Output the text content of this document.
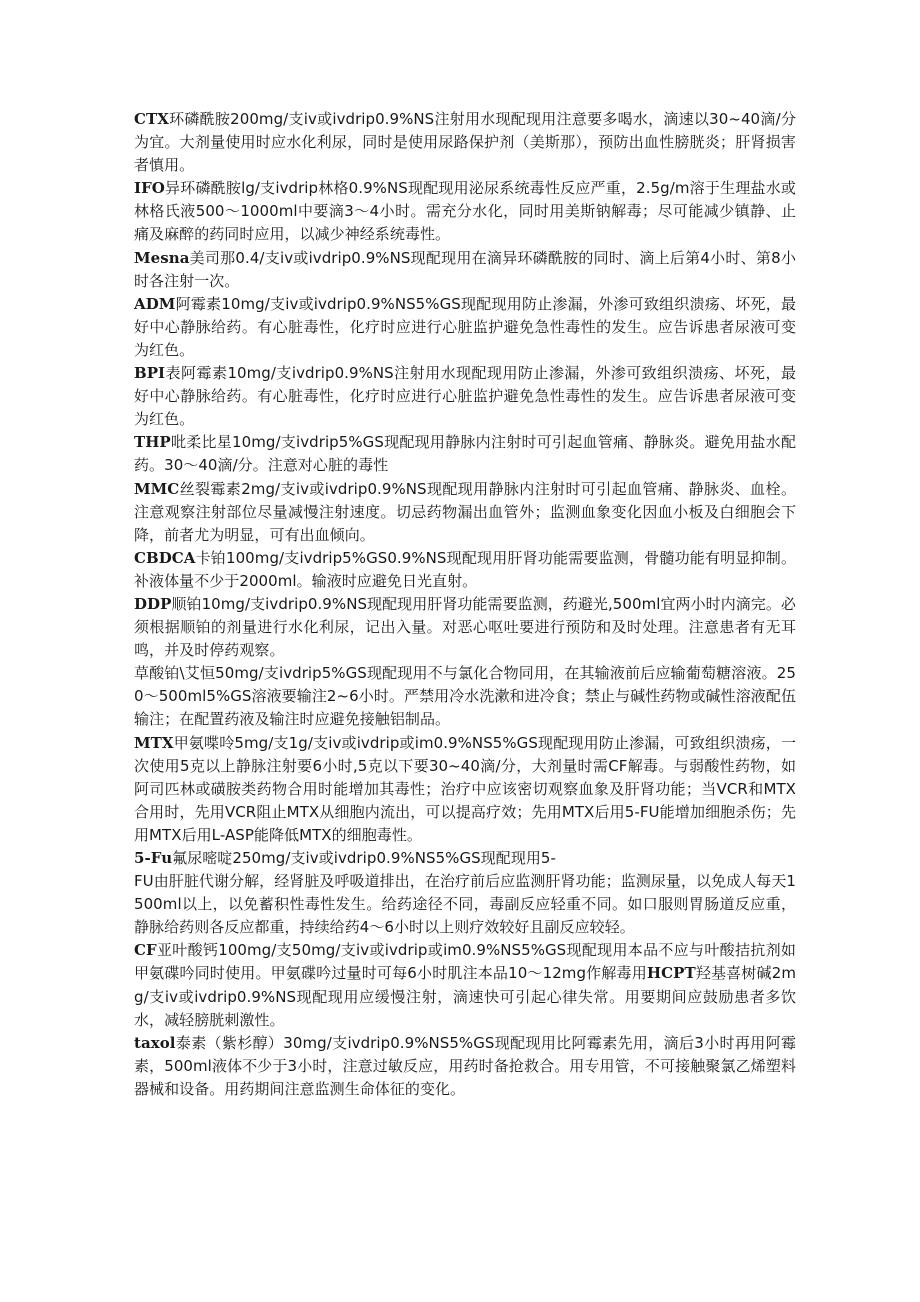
CTX环磷酰胺200mg/支iv或ivdrip0.9%NS注射用水现配现用注意要多喝水，滴速以30~40滴/分为宜。大剂量使用时应水化利尿，同时是使用尿路保护剂（美斯那），预防出血性膀胱炎；肝肾损害者慎用。

IFO异环磷酰胺lg/支ivdrip林格0.9%NS现配现用泌尿系统毒性反应严重，2.5g/m溶于生理盐水或林格氏液500〜1000ml中要滴3〜4小时。需充分水化，同时用美斯钠解毒；尽可能减少镇静、止痛及麻醉的药同时应用，以减少神经系统毒性。

Mesna美司那0.4/支iv或ivdrip0.9%NS现配现用在滴异环磷酰胺的同时、滴上后第4小时、第8小时各注射一次。

ADM阿霉素10mg/支iv或ivdrip0.9%NS5%GS现配现用防止渗漏，外渗可致组织溃疡、坏死，最好中心静脉给药。有心脏毒性，化疗时应进行心脏监护避免急性毒性的发生。应告诉患者尿液可变为红色。

BPI表阿霉素10mg/支ivdrip0.9%NS注射用水现配现用防止渗漏，外渗可致组织溃疡、坏死，最好中心静脉给药。有心脏毒性，化疗时应进行心脏监护避免急性毒性的发生。应告诉患者尿液可变为红色。

THP吡柔比星10mg/支ivdrip5%GS现配现用静脉内注射时可引起血管痛、静脉炎。避免用盐水配药。30〜40滴/分。注意对心脏的毒性

MMC丝裂霉素2mg/支iv或ivdrip0.9%NS现配现用静脉内注射时可引起血管痛、静脉炎、血栓。注意观察注射部位尽量减慢注射速度。切忌药物漏出血管外；监测血象变化因血小板及白细胞会下降，前者尤为明显，可有出血倾向。

CBDCA卡铂100mg/支ivdrip5%GS0.9%NS现配现用肝肾功能需要监测，骨髓功能有明显抑制。补液体量不少于2000ml。输液时应避免日光直射。

DDP顺铂10mg/支ivdrip0.9%NS现配现用肝肾功能需要监测，药避光,500ml宜两小时内滴完。必须根据顺铂的剂量进行水化利尿，记出入量。对恶心呕吐要进行预防和及时处理。注意患者有无耳鸣，并及时停药观察。

草酸铂\艾恒50mg/支ivdrip5%GS现配现用不与氯化合物同用，在其输液前后应输葡萄糖溶液。250〜500ml5%GS溶液要输注2~6小时。严禁用冷水洗漱和进冷食；禁止与碱性药物或碱性溶液配伍输注；在配置药液及输注时应避免接触铝制品。

MTX甲氨喋呤5mg/支1g/支iv或ivdrip或im0.9%NS5%GS现配现用防止渗漏，可致组织溃疡，一次使用5克以上静脉注射要6小时,5克以下要30~40滴/分，大剂量时需CF解毒。与弱酸性药物，如阿司匹林或磺胺类药物合用时能增加其毒性；治疗中应该密切观察血象及肝肾功能；当VCR和MTX合用时，先用VCR阻止MTX从细胞内流出，可以提高疗效；先用MTX后用5-FU能增加细胞杀伤；先用MTX后用L-ASP能降低MTX的细胞毒性。

5-Fu氟尿嘧啶250mg/支iv或ivdrip0.9%NS5%GS现配现用5-
FU由肝脏代谢分解，经肾脏及呼吸道排出，在治疗前后应监测肝肾功能；监测尿量，以免成人每天1500ml以上，以免蓄积性毒性发生。给药途径不同，毒副反应轻重不同。如口服则胃肠道反应重，静脉给药则各反应都重，持续给药4〜6小时以上则疗效较好且副反应较轻。

CF亚叶酸钙100mg/支50mg/支iv或ivdrip或im0.9%NS5%GS现配现用本品不应与叶酸拮抗剂如甲氨碟吟同时使用。甲氨碟吟过量时可每6小时肌注本品10〜12mg作解毒用HCPT羟基喜树碱2mg/支iv或ivdrip0.9%NS现配现用应缓慢注射，滴速快可引起心律失常。用要期间应鼓励患者多饮水，减轻膀胱刺激性。

taxol泰素（紫杉醇）30mg/支ivdrip0.9%NS5%GS现配现用比阿霉素先用，滴后3小时再用阿霉素，500ml液体不少于3小时，注意过敏反应，用药时备抢救合。用专用管，不可接触聚氯乙烯塑料器械和设备。用药期间注意监测生命体征的变化。
